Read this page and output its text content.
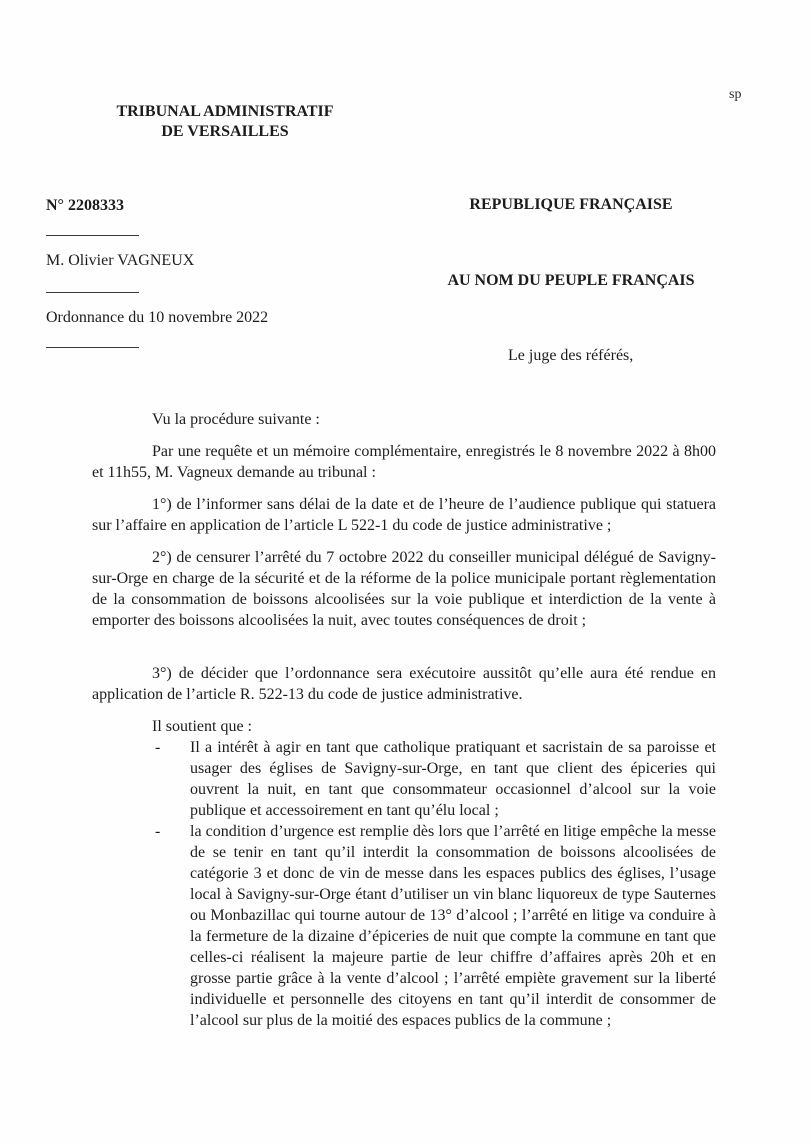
sp
TRIBUNAL ADMINISTRATIF
DE VERSAILLES
N° 2208333
M. Olivier VAGNEUX
Ordonnance du 10 novembre 2022
REPUBLIQUE FRANÇAISE
AU NOM DU PEUPLE FRANÇAIS
Le juge des référés,

Vu la procédure suivante :

Par une requête et un mémoire complémentaire, enregistrés le 8 novembre 2022 à 8h00 et 11h55, M. Vagneux demande au tribunal :

1°) de l’informer sans délai de la date et de l’heure de l’audience publique qui statuera sur l’affaire en application de l’article L 522-1 du code de justice administrative ;

2°) de censurer l’arrêté du 7 octobre 2022 du conseiller municipal délégué de Savigny-sur-Orge en charge de la sécurité et de la réforme de la police municipale portant règlementation de la consommation de boissons alcoolisées sur la voie publique et interdiction de la vente à emporter des boissons alcoolisées la nuit, avec toutes conséquences de droit ;

3°) de décider que l’ordonnance sera exécutoire aussitôt qu’elle aura été rendue en application de l’article R. 522-13 du code de justice administrative.

Il soutient que :

- Il a intérêt à agir en tant que catholique pratiquant et sacristain de sa paroisse et usager des églises de Savigny-sur-Orge, en tant que client des épiceries qui ouvrent la nuit, en tant que consommateur occasionnel d’alcool sur la voie publique et accessoirement en tant qu’élu local ;
- la condition d’urgence est remplie dès lors que l’arrêté en litige empêche la messe de se tenir en tant qu’il interdit la consommation de boissons alcoolisées de catégorie 3 et donc de vin de messe dans les espaces publics des églises, l’usage local à Savigny-sur-Orge étant d’utiliser un vin blanc liquoreux de type Sauternes ou Monbazillac qui tourne autour de 13° d’alcool ; l’arrêté en litige va conduire à la fermeture de la dizaine d’épiceries de nuit que compte la commune en tant que celles-ci réalisent la majeure partie de leur chiffre d’affaires après 20h et en grosse partie grâce à la vente d’alcool ; l’arrêté empiète gravement sur la liberté individuelle et personnelle des citoyens en tant qu’il interdit de consommer de l’alcool sur plus de la moitié des espaces publics de la commune ;
